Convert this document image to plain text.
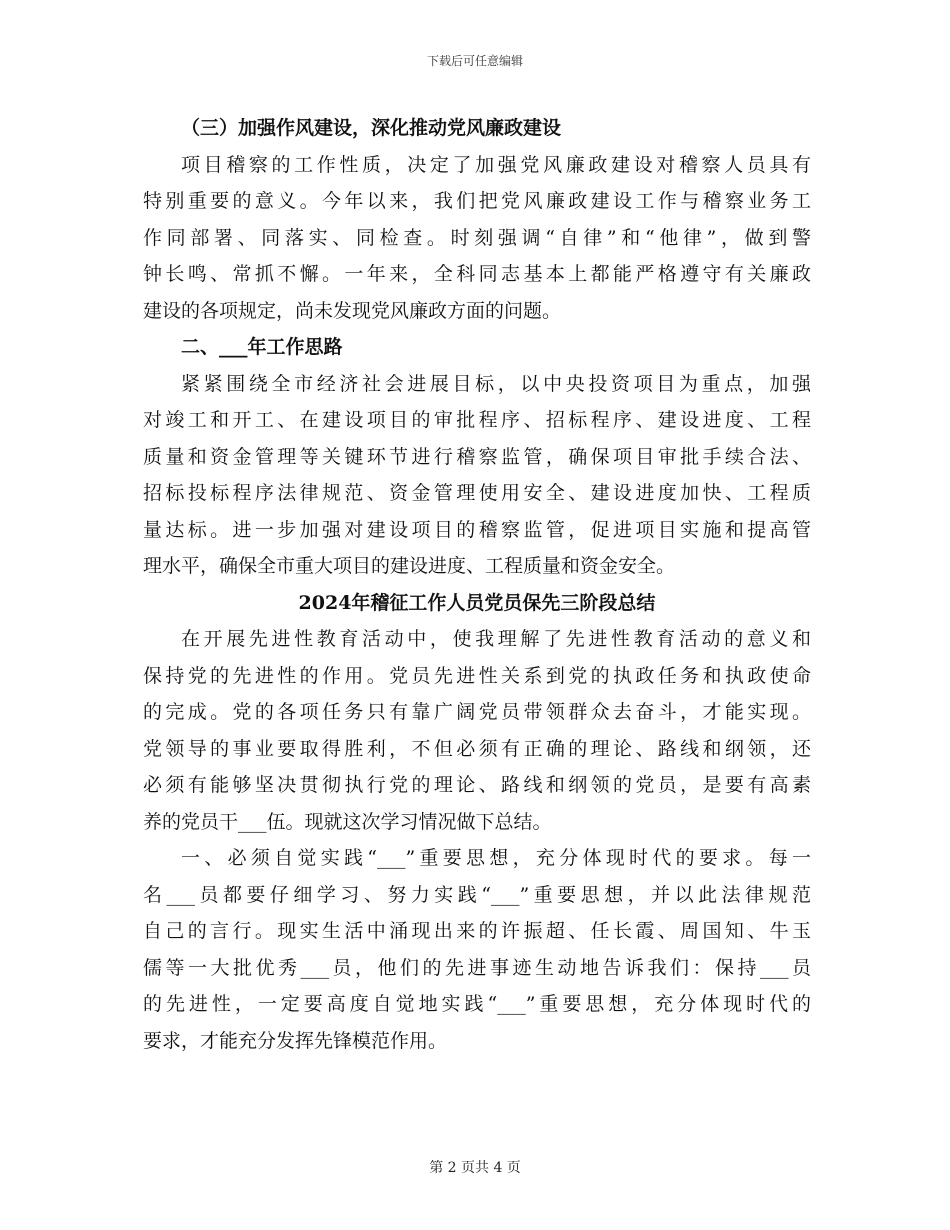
下载后可任意编辑
（三）加强作风建设，深化推动党风廉政建设
项目稽察的工作性质，决定了加强党风廉政建设对稽察人员具有
特别重要的意义。今年以来，我们把党风廉政建设工作与稽察业务工
作同部署、同落实、同检查。时刻强调“自律”和“他律”，做到警
钟长鸣、常抓不懈。一年来，全科同志基本上都能严格遵守有关廉政
建设的各项规定，尚未发现党风廉政方面的问题。
二、___年工作思路
紧紧围绕全市经济社会进展目标，以中央投资项目为重点，加强
对竣工和开工、在建设项目的审批程序、招标程序、建设进度、工程
质量和资金管理等关键环节进行稽察监管，确保项目审批手续合法、
招标投标程序法律规范、资金管理使用安全、建设进度加快、工程质
量达标。进一步加强对建设项目的稽察监管，促进项目实施和提高管
理水平，确保全市重大项目的建设进度、工程质量和资金安全。
2024年稽征工作人员党员保先三阶段总结
在开展先进性教育活动中，使我理解了先进性教育活动的意义和
保持党的先进性的作用。党员先进性关系到党的执政任务和执政使命
的完成。党的各项任务只有靠广阔党员带领群众去奋斗，才能实现。
党领导的事业要取得胜利，不但必须有正确的理论、路线和纲领，还
必须有能够坚决贯彻执行党的理论、路线和纲领的党员，是要有高素
养的党员干___伍。现就这次学习情况做下总结。
一、必须自觉实践“___”重要思想，充分体现时代的要求。每一
名___员都要仔细学习、努力实践“___”重要思想，并以此法律规范
自己的言行。现实生活中涌现出来的许振超、任长霞、周国知、牛玉
儒等一大批优秀___员，他们的先进事迹生动地告诉我们：保持___员
的先进性，一定要高度自觉地实践“___”重要思想，充分体现时代的
要求，才能充分发挥先锋模范作用。
第 2 页共 4 页
